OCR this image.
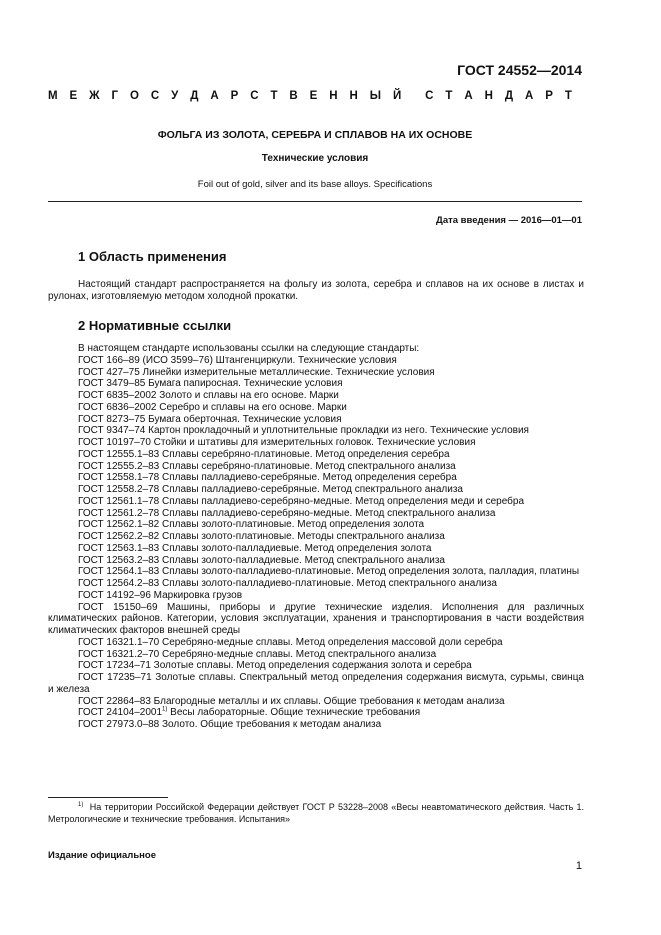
ГОСТ 24552—2014
М Е Ж Г О С У Д А Р С Т В Е Н Н Ы Й С Т А Н Д А Р Т
ФОЛЬГА ИЗ ЗОЛОТА, СЕРЕБРА И СПЛАВОВ НА ИХ ОСНОВЕ
Технические условия
Foil out of gold, silver and its base alloys. Specifications
Дата введения — 2016—01—01
1 Область применения
Настоящий стандарт распространяется на фольгу из золота, серебра и сплавов на их основе в листах и рулонах, изготовляемую методом холодной прокатки.
2 Нормативные ссылки
В настоящем стандарте использованы ссылки на следующие стандарты:
ГОСТ 166–89 (ИСО 3599–76) Штангенциркули. Технические условия
ГОСТ 427–75 Линейки измерительные металлические. Технические условия
ГОСТ 3479–85 Бумага папиросная. Технические условия
ГОСТ 6835–2002 Золото и сплавы на его основе. Марки
ГОСТ 6836–2002 Серебро и сплавы на его основе. Марки
ГОСТ 8273–75 Бумага оберточная. Технические условия
ГОСТ 9347–74 Картон прокладочный и уплотнительные прокладки из него. Технические условия
ГОСТ 10197–70 Стойки и штативы для измерительных головок. Технические условия
ГОСТ 12555.1–83 Сплавы серебряно-платиновые. Метод определения серебра
ГОСТ 12555.2–83 Сплавы серебряно-платиновые. Метод спектрального анализа
ГОСТ 12558.1–78 Сплавы палладиево-серебряные. Метод определения серебра
ГОСТ 12558.2–78 Сплавы палладиево-серебряные. Метод спектрального анализа
ГОСТ 12561.1–78 Сплавы палладиево-серебряно-медные. Метод определения меди и серебра
ГОСТ 12561.2–78 Сплавы палладиево-серебряно-медные. Метод спектрального анализа
ГОСТ 12562.1–82 Сплавы золото-платиновые. Метод определения золота
ГОСТ 12562.2–82 Сплавы золото-платиновые. Методы спектрального анализа
ГОСТ 12563.1–83 Сплавы золото-палладиевые. Метод определения золота
ГОСТ 12563.2–83 Сплавы золото-палладиевые. Метод спектрального анализа
ГОСТ 12564.1–83 Сплавы золото-палладиево-платиновые. Метод определения золота, палладия, платины
ГОСТ 12564.2–83 Сплавы золото-палладиево-платиновые. Метод спектрального анализа
ГОСТ 14192–96 Маркировка грузов
ГОСТ 15150–69 Машины, приборы и другие технические изделия. Исполнения для различных климатических районов. Категории, условия эксплуатации, хранения и транспортирования в части воздействия климатических факторов внешней среды
ГОСТ 16321.1–70 Серебряно-медные сплавы. Метод определения массовой доли серебра
ГОСТ 16321.2–70 Серебряно-медные сплавы. Метод спектрального анализа
ГОСТ 17234–71 Золотые сплавы. Метод определения содержания золота и серебра
ГОСТ 17235–71 Золотые сплавы. Спектральный метод определения содержания висмута, сурьмы, свинца и железа
ГОСТ 22864–83 Благородные металлы и их сплавы. Общие требования к методам анализа
ГОСТ 24104–2001$^{1)}$ Весы лабораторные. Общие технические требования
ГОСТ 27973.0–88 Золото. Общие требования к методам анализа
$^{1)}$ На территории Российской Федерации действует ГОСТ Р 53228–2008 «Весы неавтоматического действия. Часть 1. Метрологические и технические требования. Испытания»
Издание официальное
1
